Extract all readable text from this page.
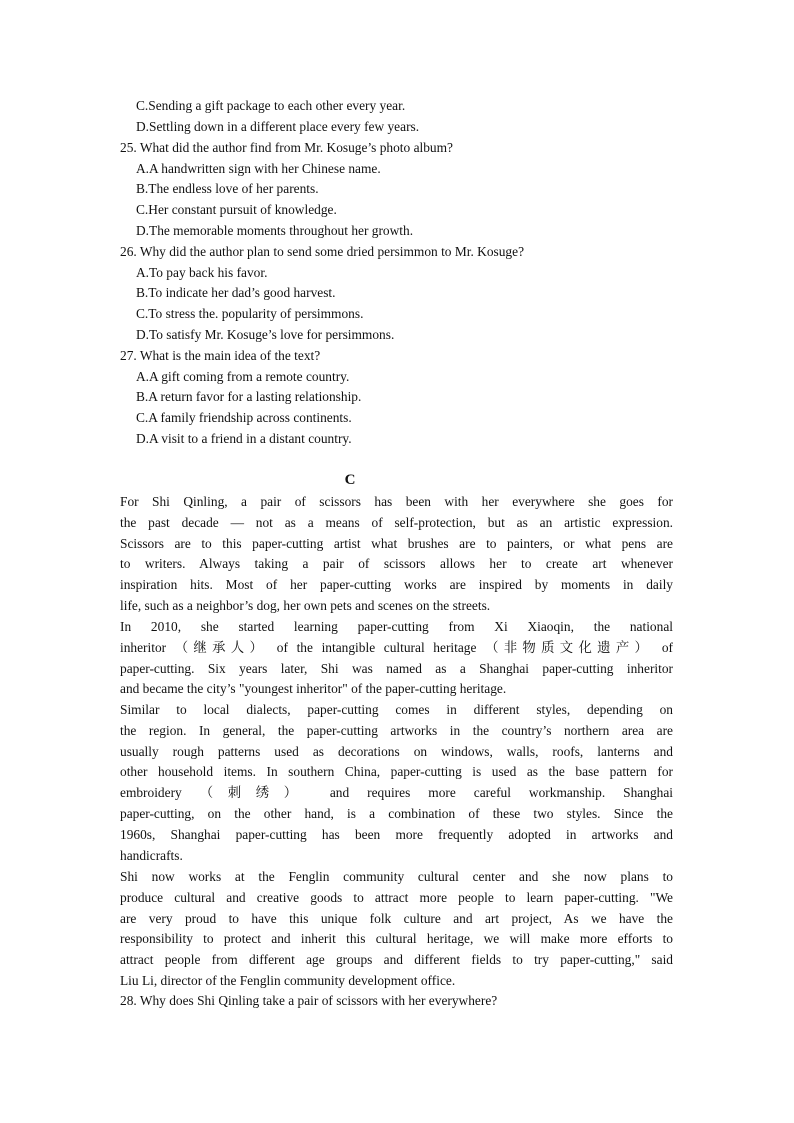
C.Sending a gift package to each other every year.
D.Settling down in a different place every few years.
25. What did the author find from Mr. Kosuge’s photo album?
A.A handwritten sign with her Chinese name.
B.The endless love of her parents.
C.Her constant pursuit of knowledge.
D.The memorable moments throughout her growth.
26. Why did the author plan to send some dried persimmon to Mr. Kosuge?
A.To pay back his favor.
B.To indicate her dad’s good harvest.
C.To stress the. popularity of persimmons.
D.To satisfy Mr. Kosuge’s love for persimmons.
27. What is the main idea of the text?
A.A gift coming from a remote country.
B.A return favor for a lasting relationship.
C.A family friendship across continents.
D.A visit to a friend in a distant country.
C
For Shi Qinling, a pair of scissors has been with her everywhere she goes for
the past decade — not as a means of self-protection, but as an artistic expression.
Scissors are to this paper-cutting artist what brushes are to painters, or what pens are
to writers. Always taking a pair of scissors allows her to create art whenever
inspiration hits. Most of her paper-cutting works are inspired by moments in daily
life, such as a neighbor’s dog, her own pets and scenes on the streets.
In 2010, she started learning paper-cutting from Xi Xiaoqin, the national
inheritor （继承人） of the intangible cultural heritage （非物质文化遗产） of
paper-cutting. Six years later, Shi was named as a Shanghai paper-cutting inheritor
and became the city’s "youngest inheritor" of the paper-cutting heritage.
Similar to local dialects, paper-cutting comes in different styles, depending on
the region. In general, the paper-cutting artworks in the country’s northern area are
usually rough patterns used as decorations on windows, walls, roofs, lanterns and
other household items. In southern China, paper-cutting is used as the base pattern for
embroidery （刺绣） and requires more careful workmanship. Shanghai
paper-cutting, on the other hand, is a combination of these two styles. Since the
1960s, Shanghai paper-cutting has been more frequently adopted in artworks and
handicrafts.
Shi now works at the Fenglin community cultural center and she now plans to
produce cultural and creative goods to attract more people to learn paper-cutting. "We
are very proud to have this unique folk culture and art project, As we have the
responsibility to protect and inherit this cultural heritage, we will make more efforts to
attract people from different age groups and different fields to try paper-cutting," said
Liu Li, director of the Fenglin community development office.
28. Why does Shi Qinling take a pair of scissors with her everywhere?
